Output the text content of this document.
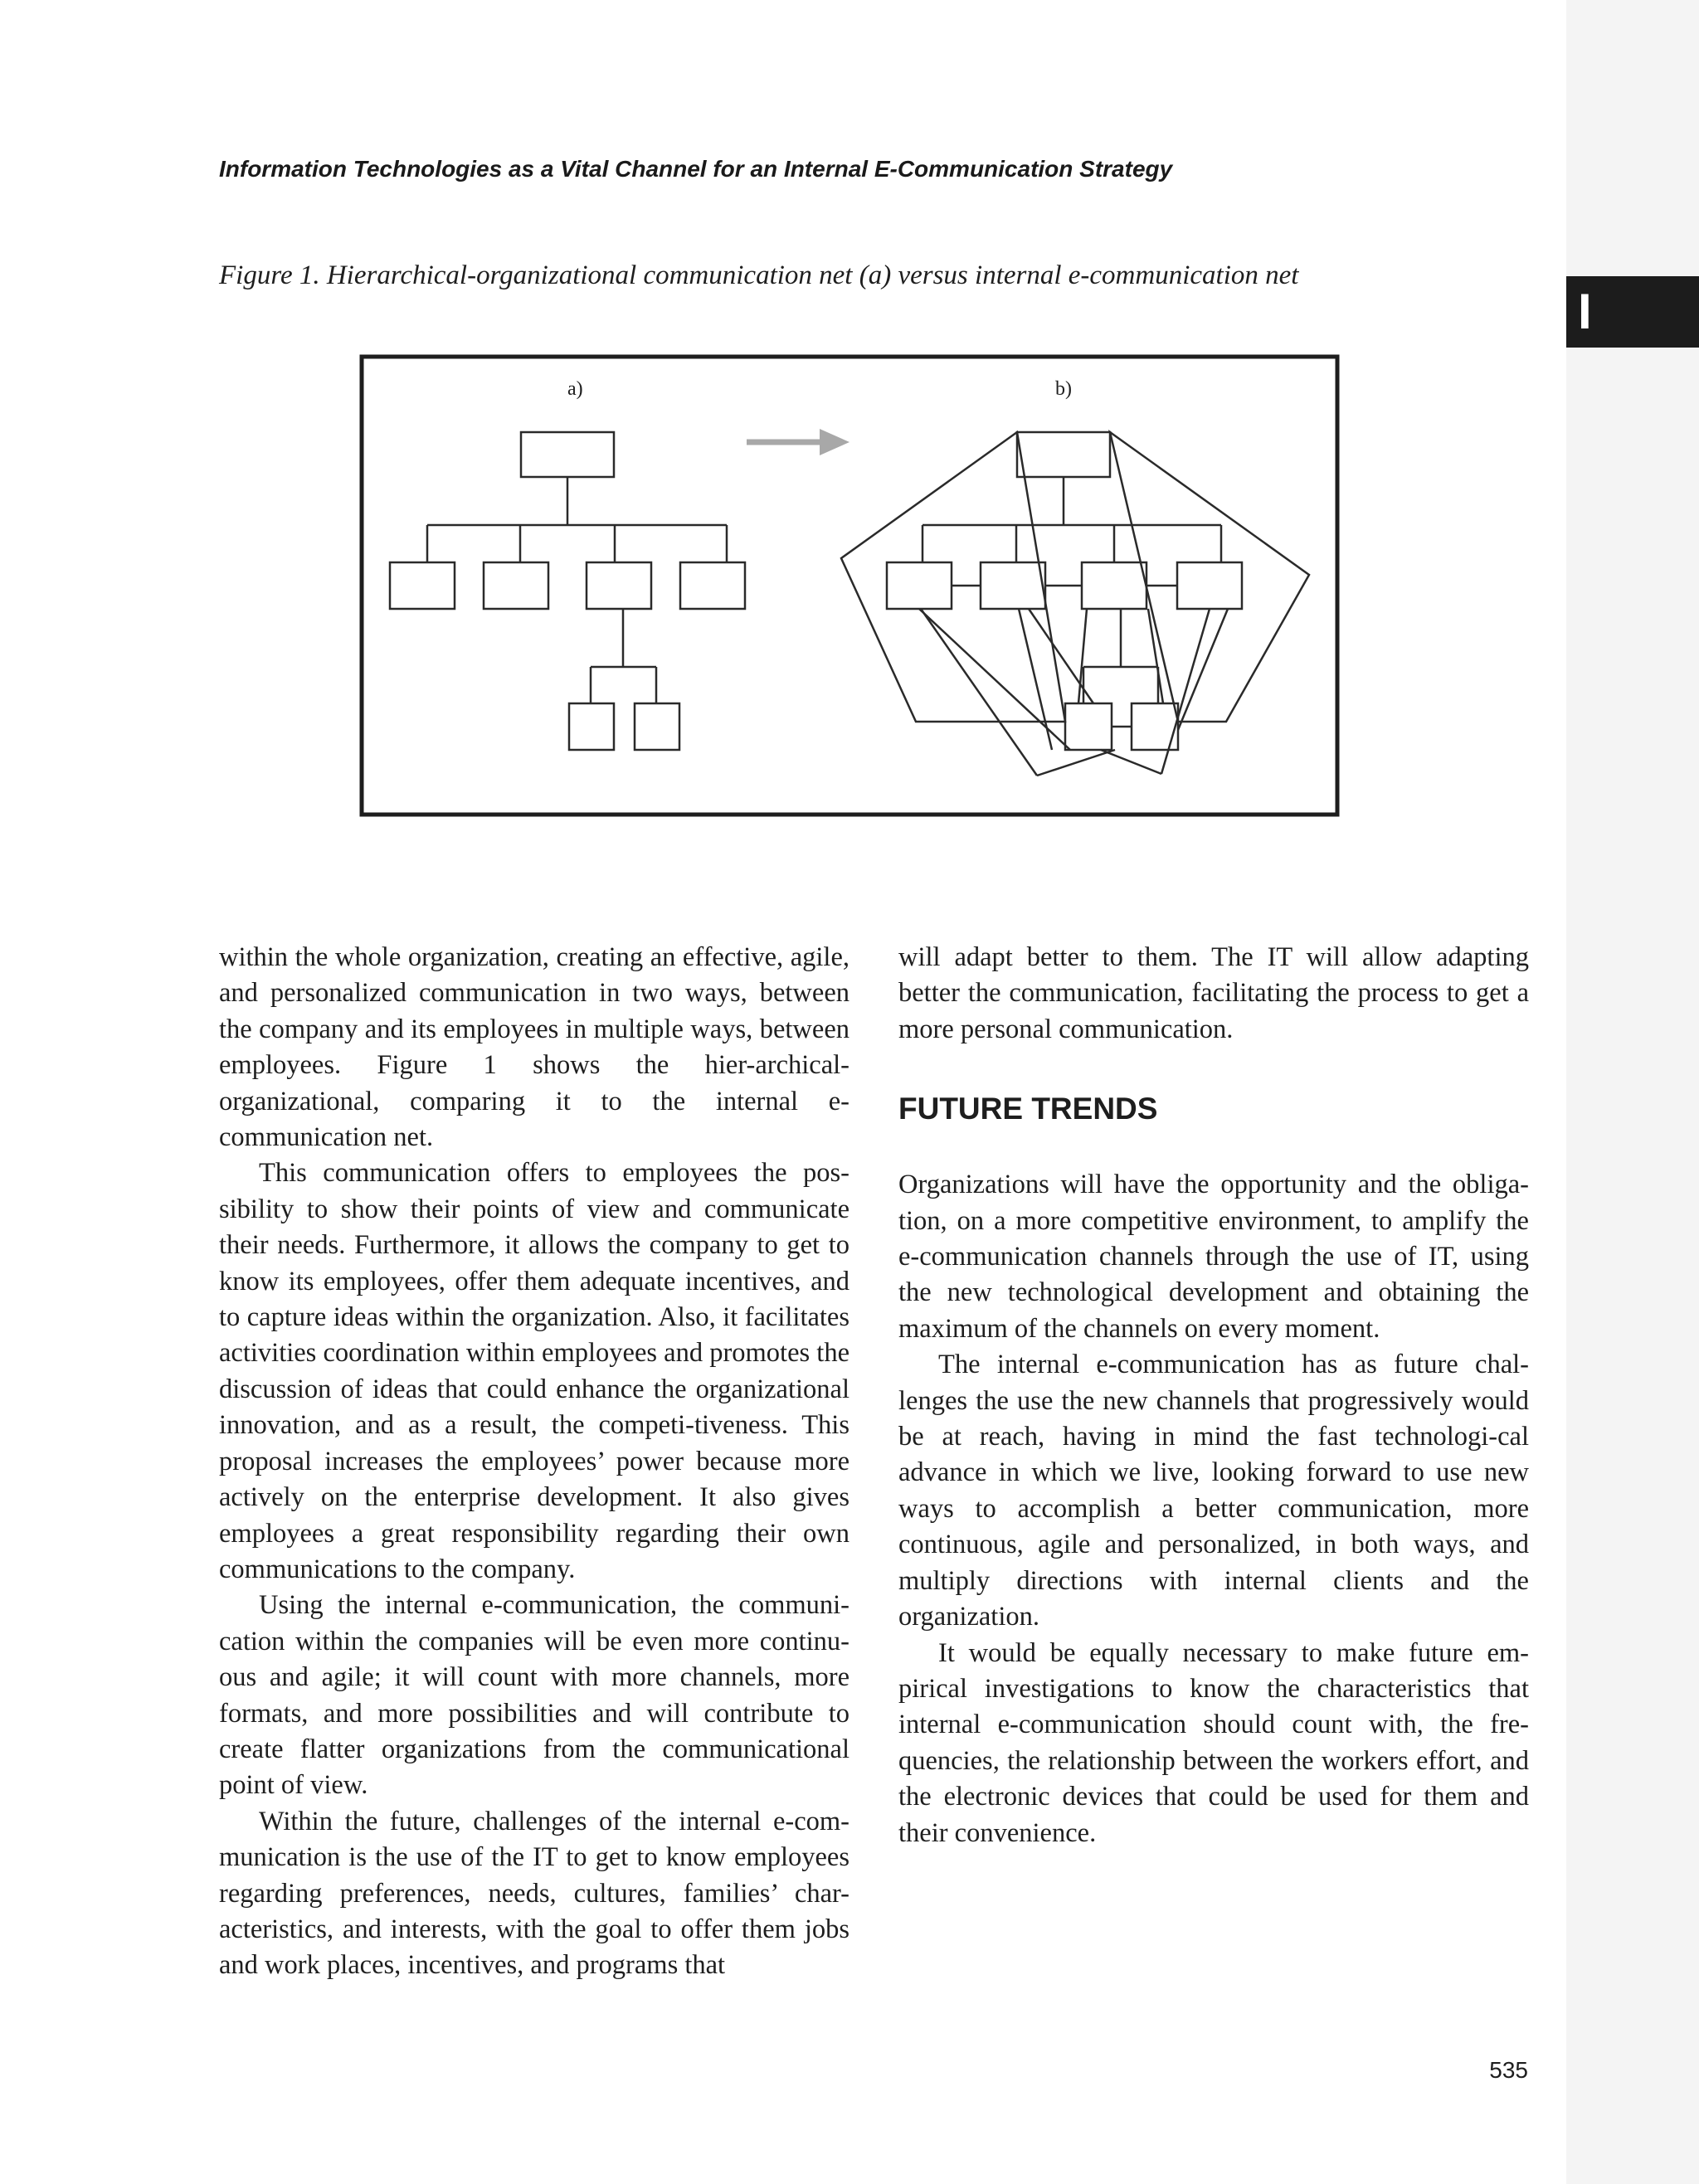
I
Information Technologies as a Vital Channel for an Internal E-Communication Strategy
Figure 1. Hierarchical-organizational communication net (a) versus internal e-communication net
a)	b)

within the whole organization, creating an effective, agile, and personalized communication in two ways, between the company and its employees in multiple ways, between employees. Figure 1 shows the hier-archical-organizational, comparing it to the internal e-communication net.

This communication offers to employees the pos-sibility to show their points of view and communicate their needs. Furthermore, it allows the company to get to know its employees, offer them adequate incentives, and to capture ideas within the organization. Also, it facilitates activities coordination within employees and promotes the discussion of ideas that could enhance the organizational innovation, and as a result, the competi-tiveness. This proposal increases the employees’ power because more actively on the enterprise development. It also gives employees a great responsibility regarding their own communications to the company.

Using the internal e-communication, the communi-cation within the companies will be even more continu-ous and agile; it will count with more channels, more formats, and more possibilities and will contribute to create flatter organizations from the communicational point of view.

Within the future, challenges of the internal e-com-munication is the use of the IT to get to know employees regarding preferences, needs, cultures, families’ char-acteristics, and interests, with the goal to offer them jobs and work places, incentives, and programs that

will adapt better to them. The IT will allow adapting better the communication, facilitating the process to get a more personal communication.

FUTURE TRENDS

Organizations will have the opportunity and the obliga-tion, on a more competitive environment, to amplify the e-communication channels through the use of IT, using the new technological development and obtaining the maximum of the channels on every moment.

The internal e-communication has as future chal-lenges the use the new channels that progressively would be at reach, having in mind the fast technologi-cal advance in which we live, looking forward to use new ways to accomplish a better communication, more continuous, agile and personalized, in both ways, and multiply directions with internal clients and the organization.

It would be equally necessary to make future em-pirical investigations to know the characteristics that internal e-communication should count with, the fre-quencies, the relationship between the workers effort, and the electronic devices that could be used for them and their convenience.

535
